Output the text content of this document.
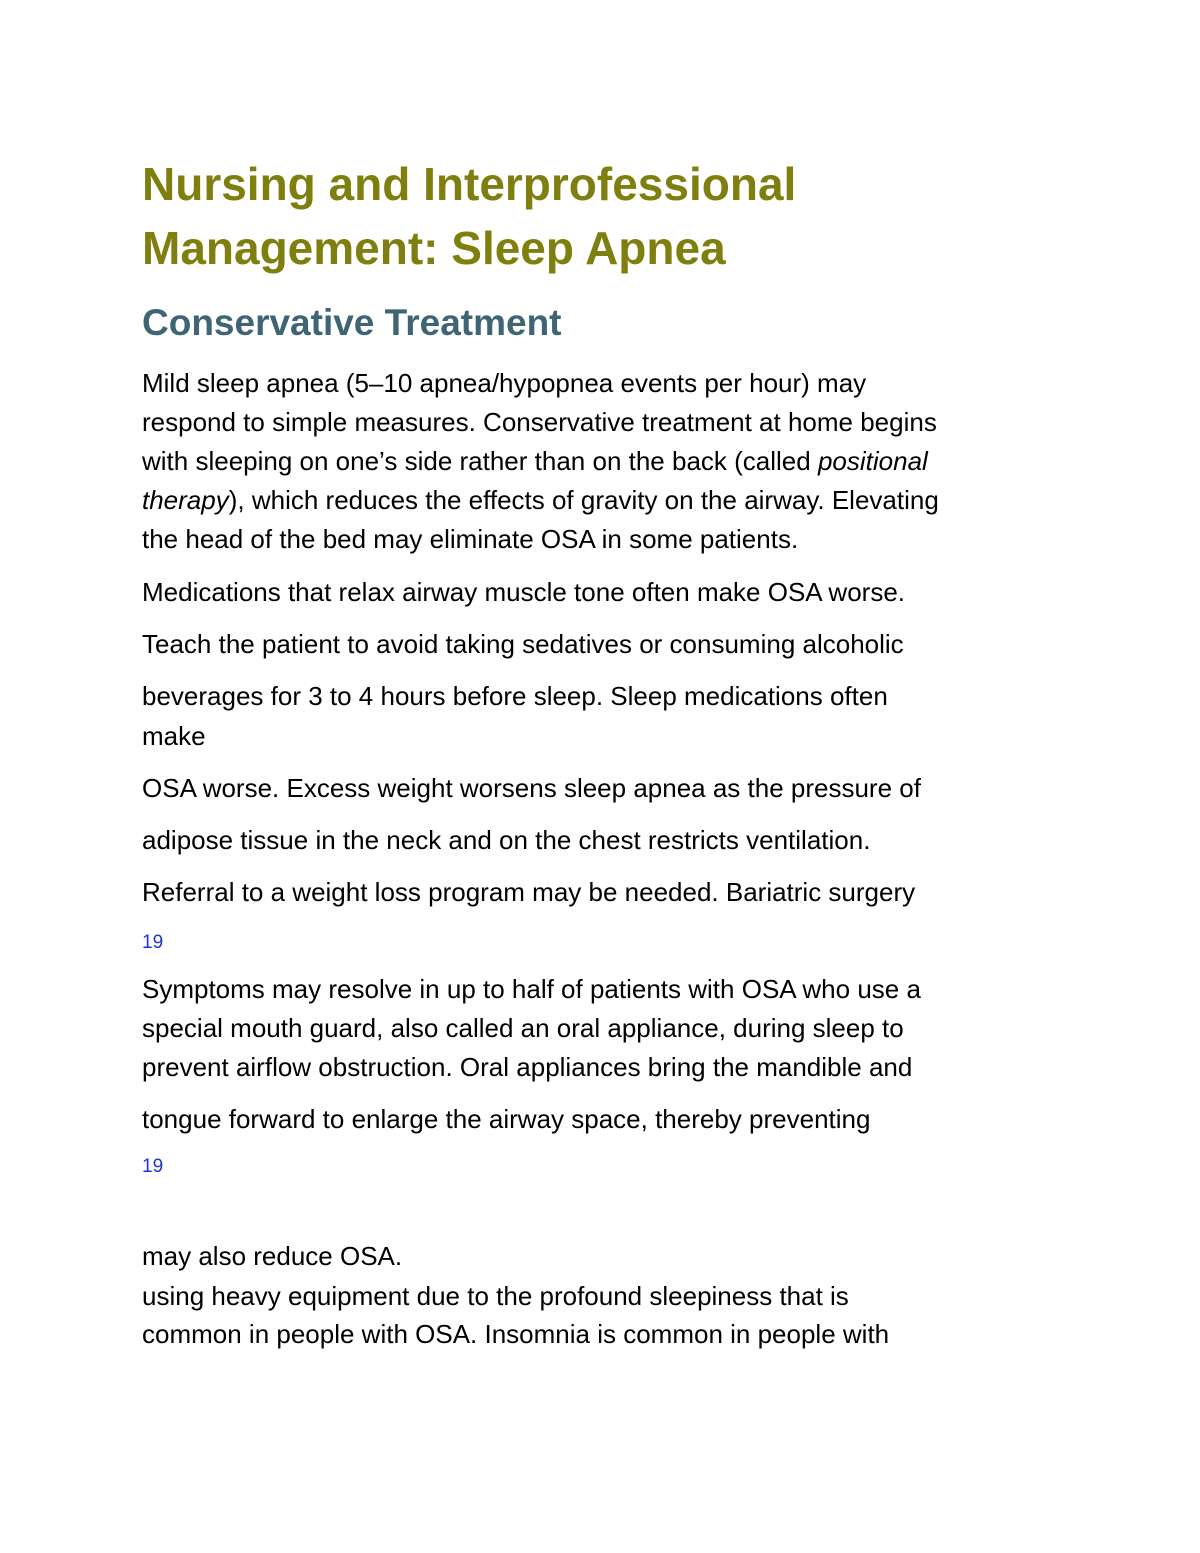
Nursing and Interprofessional
Management: Sleep Apnea
Conservative Treatment

Mild sleep apnea (5–10 apnea/hypopnea events per hour) may

respond to simple measures. Conservative treatment at home begins

with sleeping on one’s side rather than on the back (called positional

therapy), which reduces the effects of gravity on the airway. Elevating

the head of the bed may eliminate OSA in some patients.

Medications that relax airway muscle tone often make OSA worse.

Teach the patient to avoid taking sedatives or consuming alcoholic

beverages for 3 to 4 hours before sleep. Sleep medications often

make

OSA worse. Excess weight worsens sleep apnea as the pressure of

adipose tissue in the neck and on the chest restricts ventilation.

Referral to a weight loss program may be needed. Bariatric surgery

19

Symptoms may resolve in up to half of patients with OSA who use a

special mouth guard, also called an oral appliance, during sleep to

prevent airflow obstruction. Oral appliances bring the mandible and

tongue forward to enlarge the airway space, thereby preventing

19

may also reduce OSA.

using heavy equipment due to the profound sleepiness that is

common in people with OSA. Insomnia is common in people with
